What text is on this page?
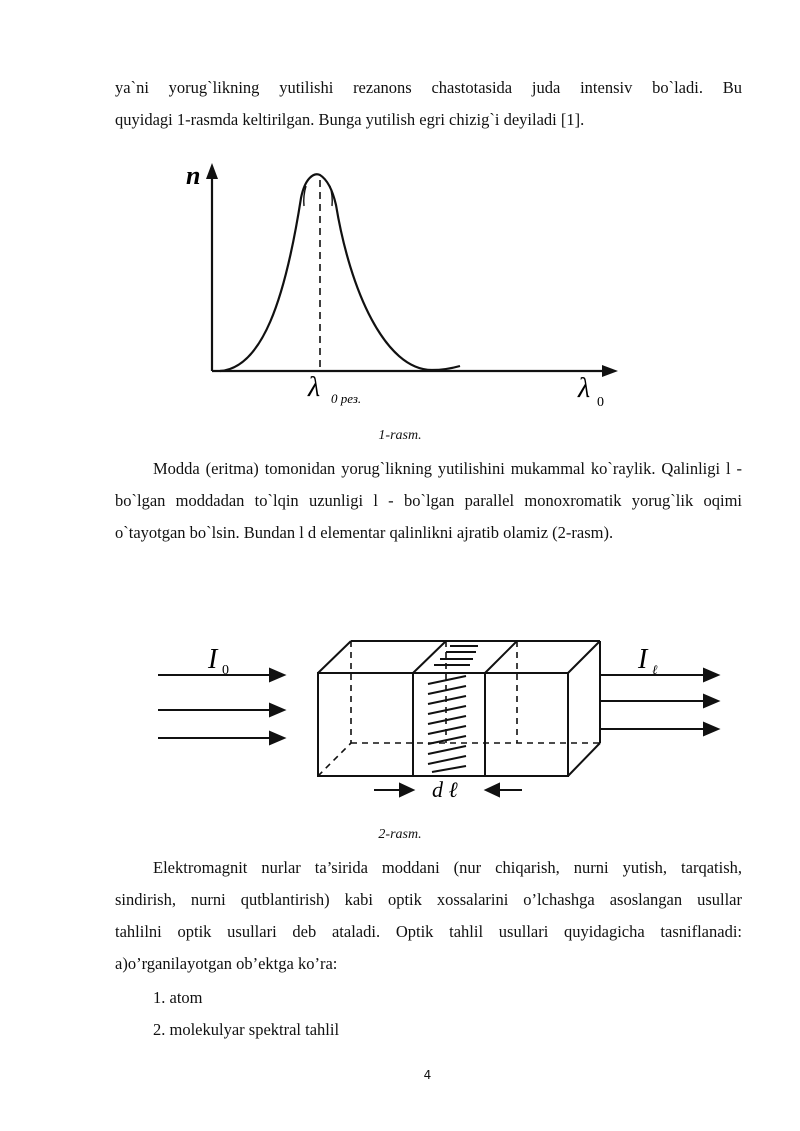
ya`ni yorug`likning yutilishi rezanons chastotasida juda intensiv bo`ladi. Bu

quyidagi 1-rasmda keltirilgan. Bunga yutilish egri chizig`i deyiladi [1].

n
λ 0 рез.	λ 0
1-rasm.

Modda (eritma) tomonidan yorug`likning yutilishini mukammal ko`raylik. Qalinligi l - bo`lgan moddadan to`lqin uzunligi l - bo`lgan parallel monoxromatik yorug`lik oqimi o`tayotgan bo`lsin. Bundan l d elementar qalinlikni ajratib olamiz (2-rasm).

I 0	I ℓ
d ℓ
2-rasm.

Elektromagnit nurlar ta’sirida moddani (nur chiqarish, nurni yutish, tarqatish,

sindirish, nurni qutblantirish) kabi optik xossalarini o’lchashga asoslangan usullar

tahlilni optik usullari deb ataladi. Optik tahlil usullari quyidagicha tasniflanadi:

a)o’rganilayotgan ob’ektga ko’ra:

1. atom
2. molekulyar spektral tahlil
4
